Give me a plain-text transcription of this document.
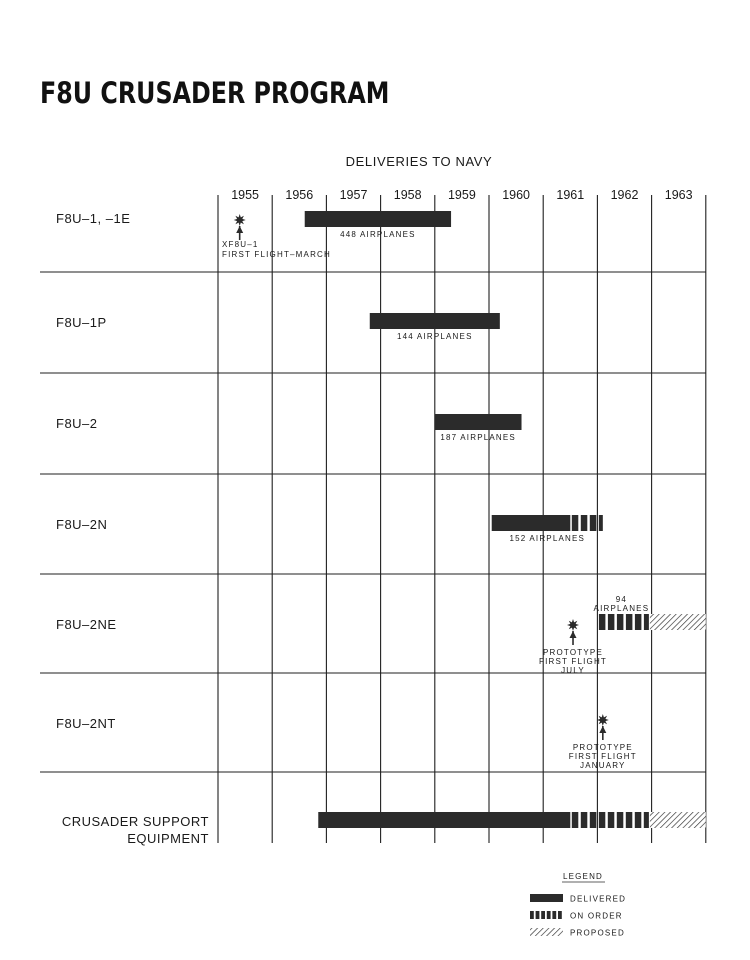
F8U CRUSADER PROGRAM
DELIVERIES TO NAVY
1955 1956 1957 1958 1959 1960 1961 1962 1963
F8U–1, –1E
448 AIRPLANES
XF8U–1
FIRST FLIGHT–MARCH
F8U–1P
144 AIRPLANES
F8U–2
187 AIRPLANES
F8U–2N
152 AIRPLANES
F8U–2NE
94
AIRPLANES
PROTOTYPE
FIRST FLIGHT
JULY
F8U–2NT
PROTOTYPE
FIRST FLIGHT
JANUARY
CRUSADER SUPPORT
EQUIPMENT
LEGEND
DELIVERED
ON ORDER
PROPOSED
